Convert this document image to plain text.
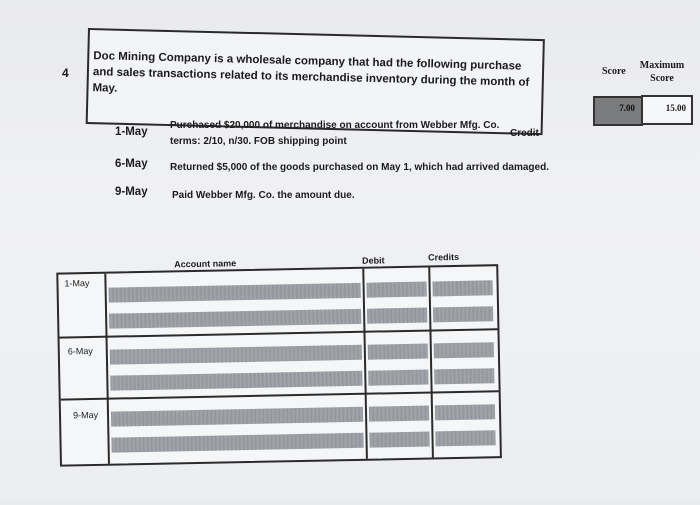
4
Doc Mining Company is a wholesale company that had the following purchase and sales transactions related to its merchandise inventory during the month of May.
Score
Maximum Score
7.00	15.00
1-May
Purchased $20,000 of merchandise on account from Webber Mfg. Co.
Credit
terms: 2/10, n/30. FOB shipping point
6-May Returned $5,000 of the goods purchased on May 1, which had arrived damaged.
9-May Paid Webber Mfg. Co. the amount due.
Account name	Debit	Credits
1-May
6-May
9-May
